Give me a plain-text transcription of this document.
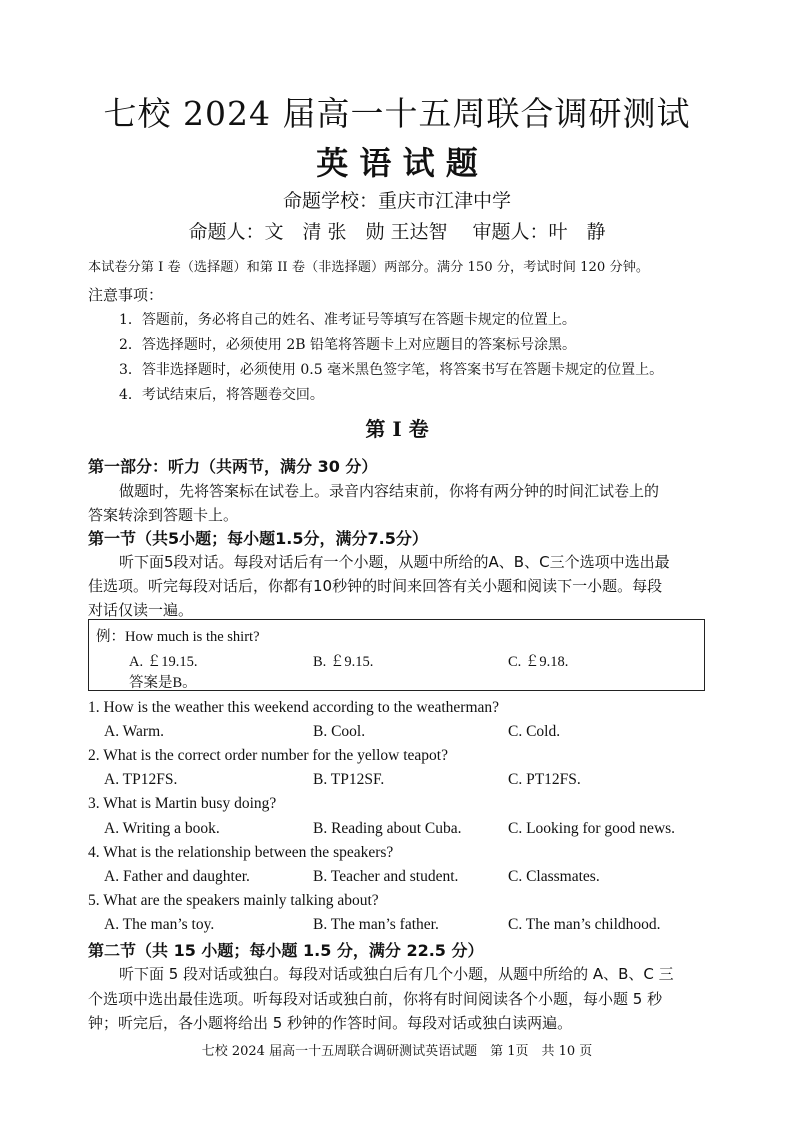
七校 2024 届高一十五周联合调研测试
英 语 试 题
命题学校：重庆市江津中学
命题人：文　清 张　勋 王达智　 审题人：叶　静
本试卷分第 I 卷（选择题）和第 II 卷（非选择题）两部分。满分 150 分，考试时间 120 分钟。
注意事项：
1．答题前，务必将自己的姓名、准考证号等填写在答题卡规定的位置上。
2．答选择题时，必须使用 2B 铅笔将答题卡上对应题目的答案标号涂黑。
3．答非选择题时，必须使用 0.5 毫米黑色签字笔，将答案书写在答题卡规定的位置上。
4．考试结束后，将答题卷交回。
第 I 卷
第一部分：听力（共两节，满分 30 分）
做题时，先将答案标在试卷上。录音内容结束前，你将有两分钟的时间汇试卷上的
答案转涂到答题卡上。
第一节（共5小题；每小题1.5分，满分7.5分）
听下面5段对话。每段对话后有一个小题，从题中所给的A、B、C三个选项中选出最
佳选项。听完每段对话后，你都有10秒钟的时间来回答有关小题和阅读下一小题。每段
对话仅读一遍。
例：How much is the shirt?
A. ￡19.15.	B. ￡9.15.	C. ￡9.18.
答案是B。
1. How is the weather this weekend according to the weatherman?
A. Warm.	B. Cool.	C. Cold.
2. What is the correct order number for the yellow teapot?
A. TP12FS.	B. TP12SF.	C. PT12FS.
3. What is Martin busy doing?
A. Writing a book.	B. Reading about Cuba.	C. Looking for good news.
4. What is the relationship between the speakers?
A. Father and daughter.	B. Teacher and student.	C. Classmates.
5. What are the speakers mainly talking about?
A. The man’s toy.	B. The man’s father.	C. The man’s childhood.
第二节（共 15 小题；每小题 1.5 分，满分 22.5 分）
听下面 5 段对话或独白。每段对话或独白后有几个小题，从题中所给的 A、B、C 三
个选项中选出最佳选项。听每段对话或独白前，你将有时间阅读各个小题，每小题 5 秒
钟；听完后，各小题将给出 5 秒钟的作答时间。每段对话或独白读两遍。
七校 2024 届高一十五周联合调研测试英语试题　第 1页　共 10 页
